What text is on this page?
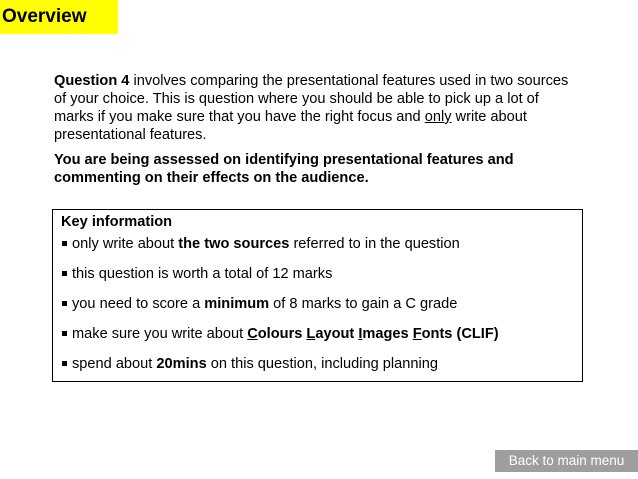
Overview

Question 4 involves comparing the presentational features used in two sources of your choice. This is question where you should be able to pick up a lot of marks if you make sure that you have the right focus and only write about presentational features.

You are being assessed on identifying presentational features and commenting on their effects on the audience.

Key information
only write about the two sources referred to in the question
this question is worth a total of 12 marks
you need to score a minimum of 8 marks to gain a C grade
make sure you write about Colours Layout Images Fonts (CLIF)
spend about 20mins on this question, including planning
Back to main menu
